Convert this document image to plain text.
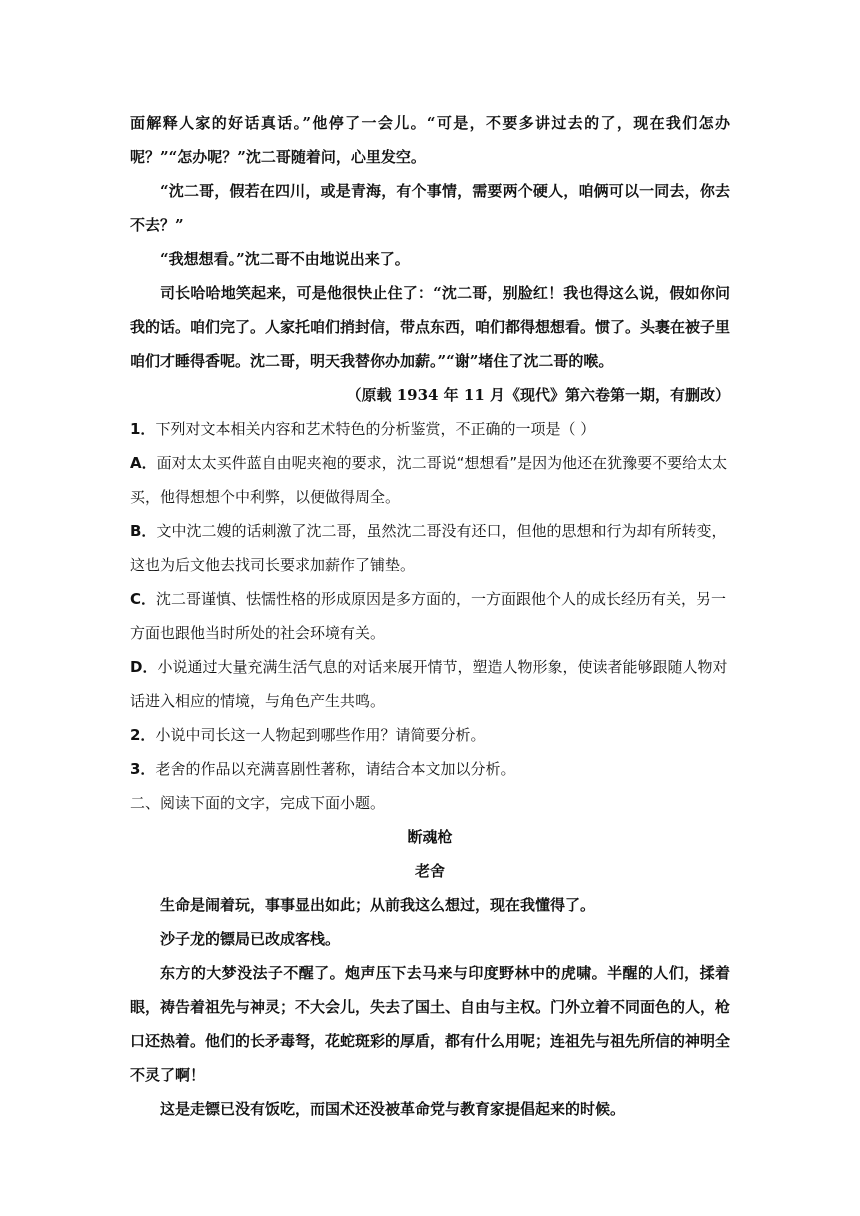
面解释人家的好话真话。”他停了一会儿。“可是，不要多讲过去的了，现在我们怎办呢？”“怎办呢？”沈二哥随着问，心里发空。

“沈二哥，假若在四川，或是青海，有个事情，需要两个硬人，咱俩可以一同去，你去不去？”

“我想想看。”沈二哥不由地说出来了。

司长哈哈地笑起来，可是他很快止住了：“沈二哥，别脸红！我也得这么说，假如你问我的话。咱们完了。人家托咱们捎封信，带点东西，咱们都得想想看。惯了。头裹在被子里咱们才睡得香呢。沈二哥，明天我替你办加薪。”“谢”堵住了沈二哥的喉。

（原载 1934 年 11 月《现代》第六卷第一期，有删改）

1．下列对文本相关内容和艺术特色的分析鉴赏，不正确的一项是（ ）

A．面对太太买件蓝自由呢夹袍的要求，沈二哥说“想想看”是因为他还在犹豫要不要给太太买，他得想想个中利弊，以便做得周全。

B．文中沈二嫂的话刺激了沈二哥，虽然沈二哥没有还口，但他的思想和行为却有所转变，这也为后文他去找司长要求加薪作了铺垫。

C．沈二哥谨慎、怯懦性格的形成原因是多方面的，一方面跟他个人的成长经历有关，另一方面也跟他当时所处的社会环境有关。

D．小说通过大量充满生活气息的对话来展开情节，塑造人物形象，使读者能够跟随人物对话进入相应的情境，与角色产生共鸣。

2．小说中司长这一人物起到哪些作用？请简要分析。

3．老舍的作品以充满喜剧性著称，请结合本文加以分析。

二、阅读下面的文字，完成下面小题。

断魂枪

老舍

生命是闹着玩，事事显出如此；从前我这么想过，现在我懂得了。

沙子龙的镖局已改成客栈。

东方的大梦没法子不醒了。炮声压下去马来与印度野林中的虎啸。半醒的人们，揉着眼，祷告着祖先与神灵；不大会儿，失去了国土、自由与主权。门外立着不同面色的人，枪口还热着。他们的长矛毒弩，花蛇斑彩的厚盾，都有什么用呢；连祖先与祖先所信的神明全不灵了啊！

这是走镖已没有饭吃，而国术还没被革命党与教育家提倡起来的时候。
